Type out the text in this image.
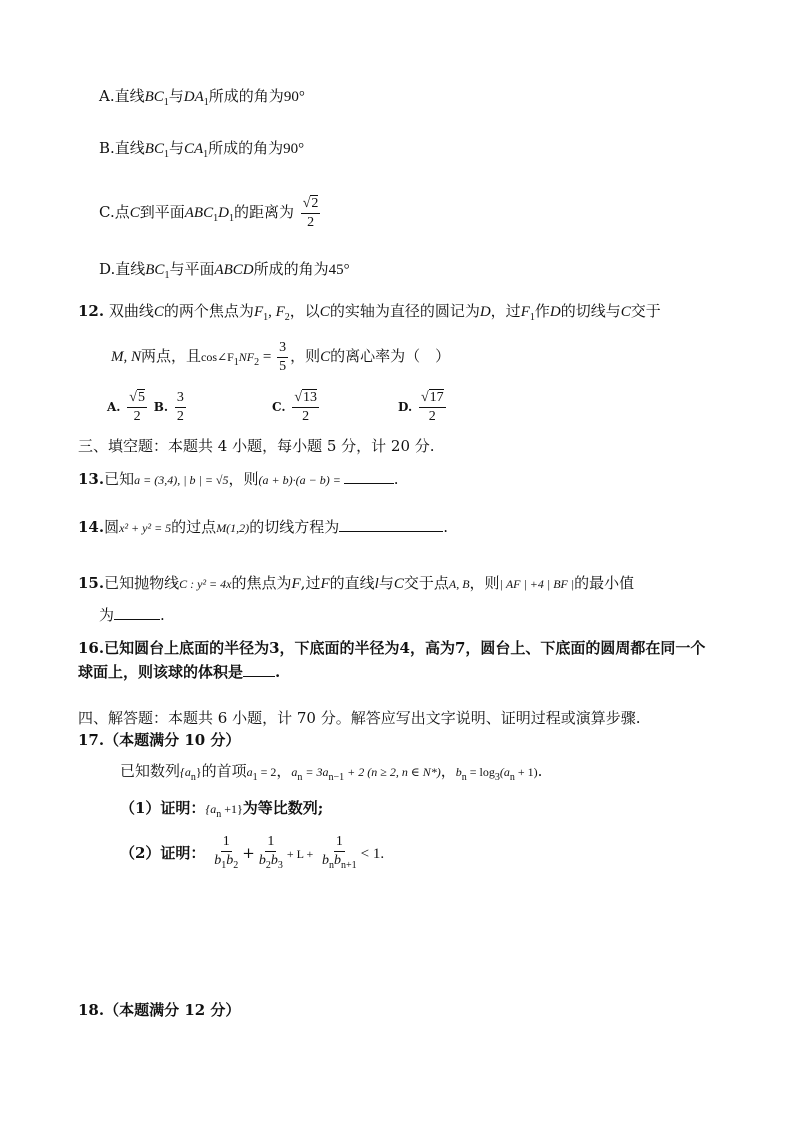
A.直线$BC_1$与$DA_1$所成的角为90°
B.直线$BC_1$与$CA_1$所成的角为90°
C.点C到平面$ABC_1D_1$的距离为 $\frac{√2}{2}$
D.直线$BC_1$与平面ABCD所成的角为45°
12. 双曲线C的两个焦点为$F_1$, $F_2$，以C的实轴为直径的圆记为D，过$F_1$作D的切线与C交于
M, N两点，且$\cos\angle F_1NF_2 = \frac{3}{5}$ ，则C的离心率为（　）
A. $\frac{√5}{2} B$. $\frac{3}{2}$	C. $\frac{√13}{2}$	D. $\frac{√17}{2}$
三、填空题：本题共 4 小题，每小题 5 分，计 20 分.
13.已知a = (3,4), | b | = √5，则(a + b)·(a − b) =	.
14.圆x² + y² = 5的过点M(1,2)的切线方程为	.
15.已知抛物线C : y² = 4x的焦点为F,过F的直线l与C交于点A, B，则| AF | +4 | BF |的最小值
为	.
16.已知圆台上底面的半径为3，下底面的半径为4，高为7，圆台上、下底面的圆周都在同一个
球面上，则该球的体积是 .
四、解答题：本题共 6 小题，计 70 分。解答应写出文字说明、证明过程或演算步骤.
17.（本题满分 10 分）
已知数列$\{a_n\}$的首项$a_1 = 2$，$a_n = 3a_{n-1} + 2$ (n ≥ 2, n ∈ N*)，$b_n = \log_3(a_n + 1)$.
（1）证明：$\{a_n +1\}$为等比数列;
（2）证明： $\frac{1}{b_1b_2} + \frac{1}{b_2b_3} + L + \frac{1}{b_nb_{n+1}} < 1$.
18.（本题满分 12 分）
